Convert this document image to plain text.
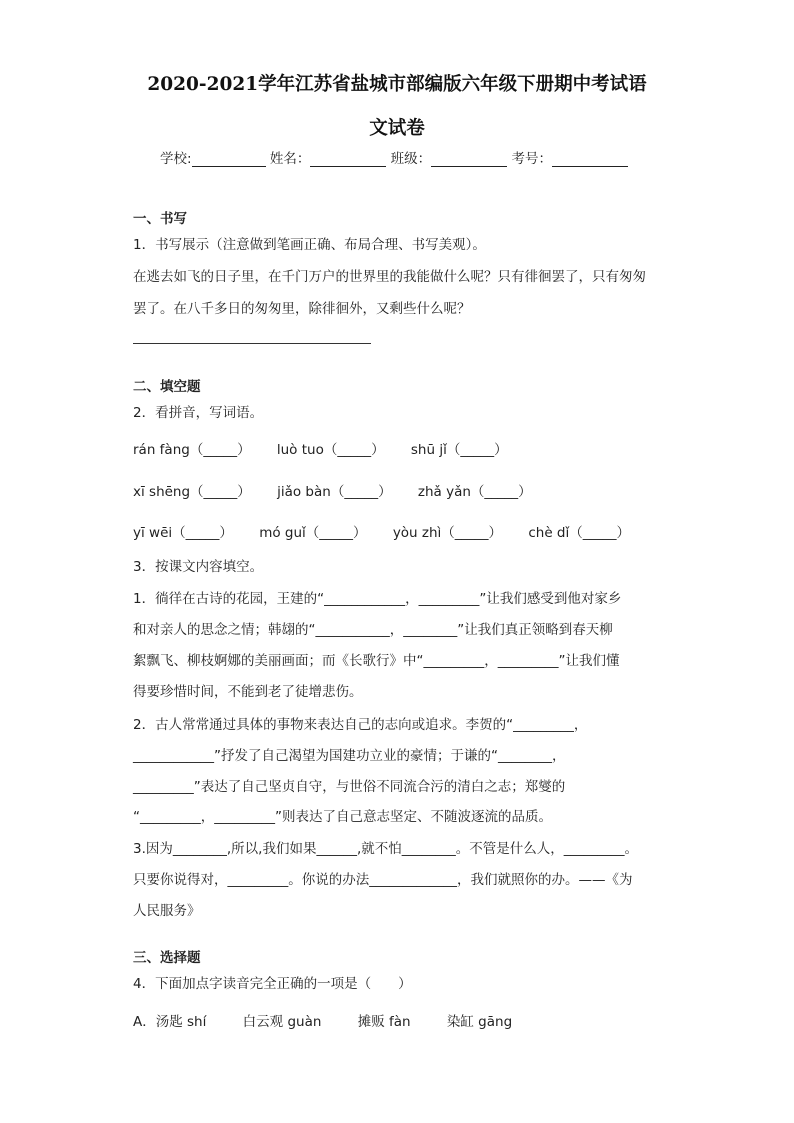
2020-2021学年江苏省盐城市部编版六年级下册期中考试语
文试卷
学校:	姓名：	班级：	考号：
一、书写
1．书写展示（注意做到笔画正确、布局合理、书写美观）。
在逃去如飞的日子里，在千门万户的世界里的我能做什么呢？只有徘徊罢了，只有匆匆
罢了。在八千多日的匆匆里，除徘徊外，又剩些什么呢？
二、填空题
2．看拼音，写词语。
rán fàng（_____） luò tuo（_____） shū jǐ（_____）
xī shēng（_____） jiǎo bàn（_____） zhǎ yǎn（_____）
yī wēi（_____） mó guǐ（_____） yòu zhì（_____） chè dǐ（_____）
3．按课文内容填空。
1．徜徉在古诗的花园，王建的“____________，_________”让我们感受到他对家乡
和对亲人的思念之情；韩翃的“___________，________”让我们真正领略到春天柳
絮飘飞、柳枝婀娜的美丽画面；而《长歌行》中“_________，_________”让我们懂
得要珍惜时间，不能到老了徒增悲伤。
2．古人常常通过具体的事物来表达自己的志向或追求。李贺的“_________，
____________”抒发了自己渴望为国建功立业的豪情；于谦的“________，
_________”表达了自己坚贞自守，与世俗不同流合污的清白之志；郑燮的
“_________，_________”则表达了自己意志坚定、不随波逐流的品质。
3.因为________,所以,我们如果______,就不怕________。不管是什么人，_________。
只要你说得对，_________。你说的办法_____________，我们就照你的办。——《为
人民服务》
三、选择题
4．下面加点字读音完全正确的一项是（　　）
A．汤匙 shí	白云观 guàn	摊贩 fàn	染缸 gāng
